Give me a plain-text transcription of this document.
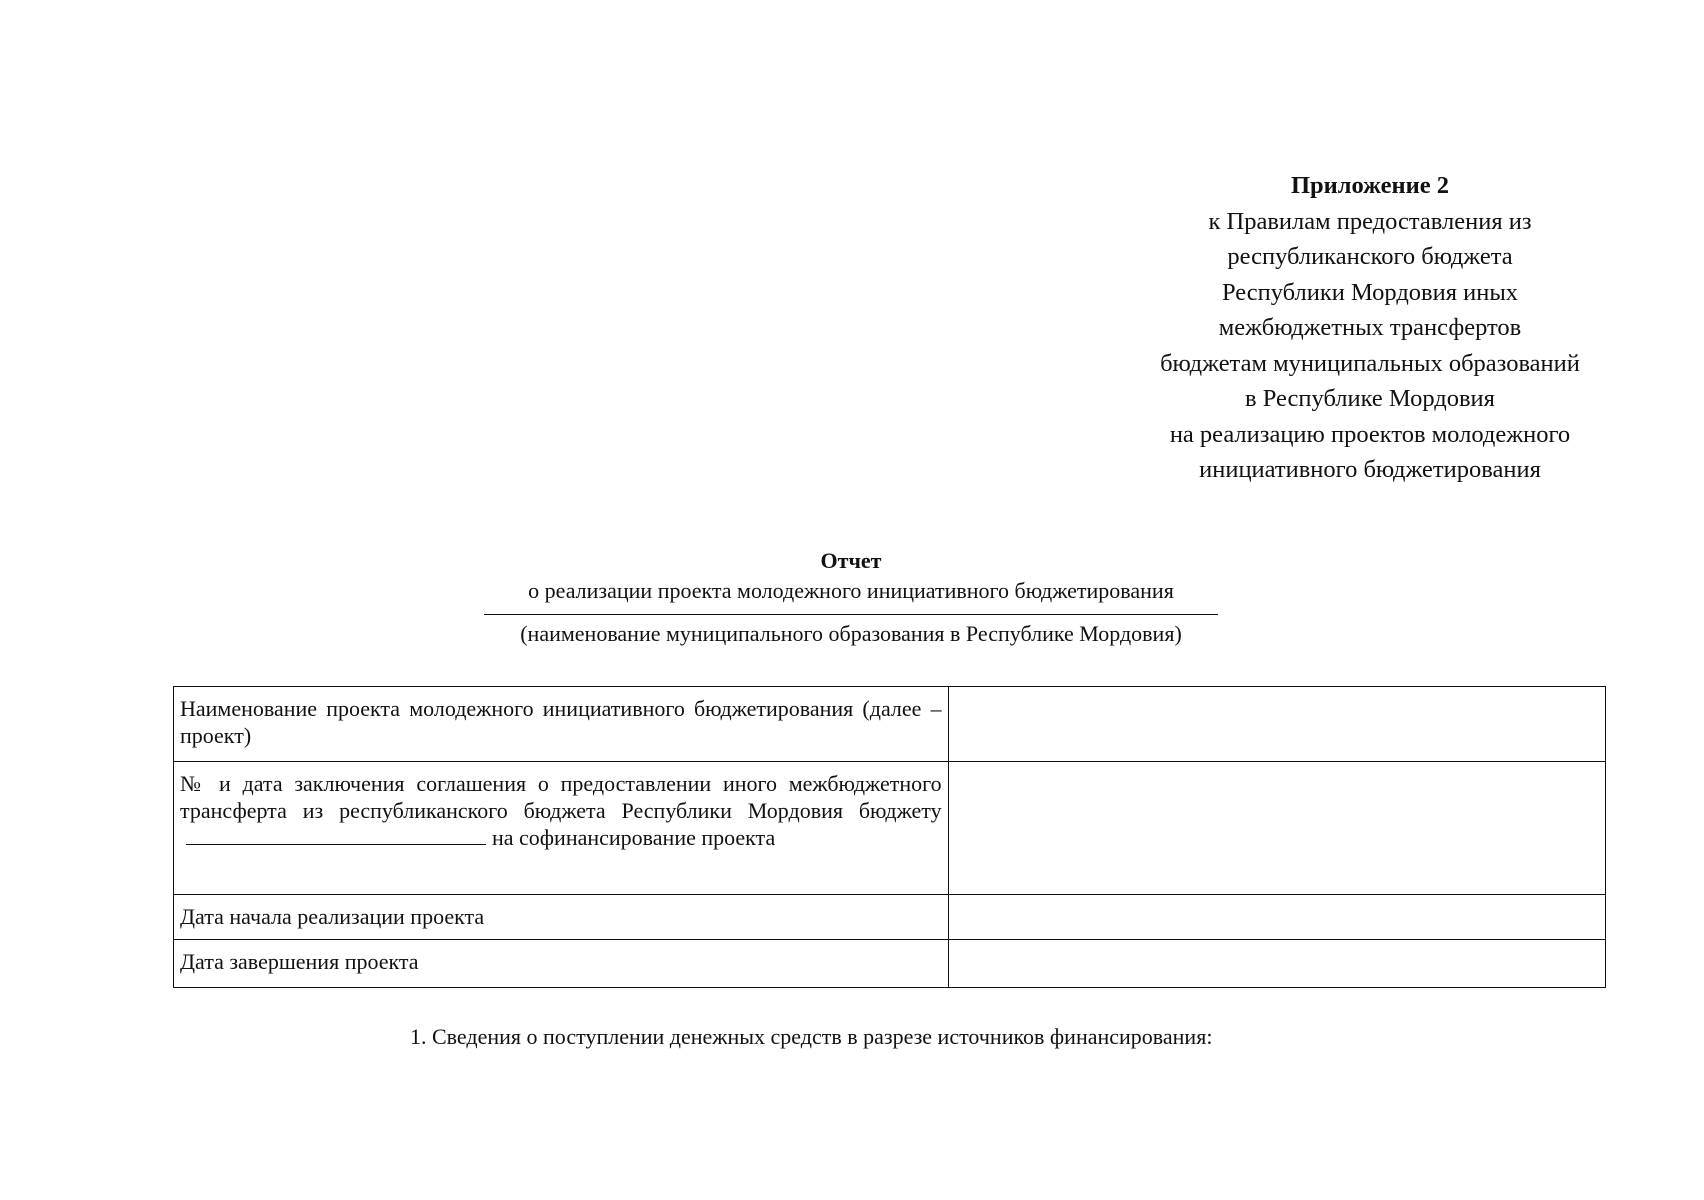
Приложение 2
к Правилам предоставления из
республиканского бюджета
Республики Мордовия иных
межбюджетных трансфертов
бюджетам муниципальных образований
в Республике Мордовия
на реализацию проектов молодежного
инициативного бюджетирования
Отчет
о реализации проекта молодежного инициативного бюджетирования
(наименование муниципального образования в Республике Мордовия)
Наименование проекта молодежного инициативного бюджетирования (далее – проект)	
№ и дата заключения соглашения о предоставлении иного межбюджетного трансферта из республиканского бюджета Республики Мордовия бюджетуна софинансирование проекта	
Дата начала реализации проекта	
Дата завершения проекта	
1. Сведения о поступлении денежных средств в разрезе источников финансирования:
